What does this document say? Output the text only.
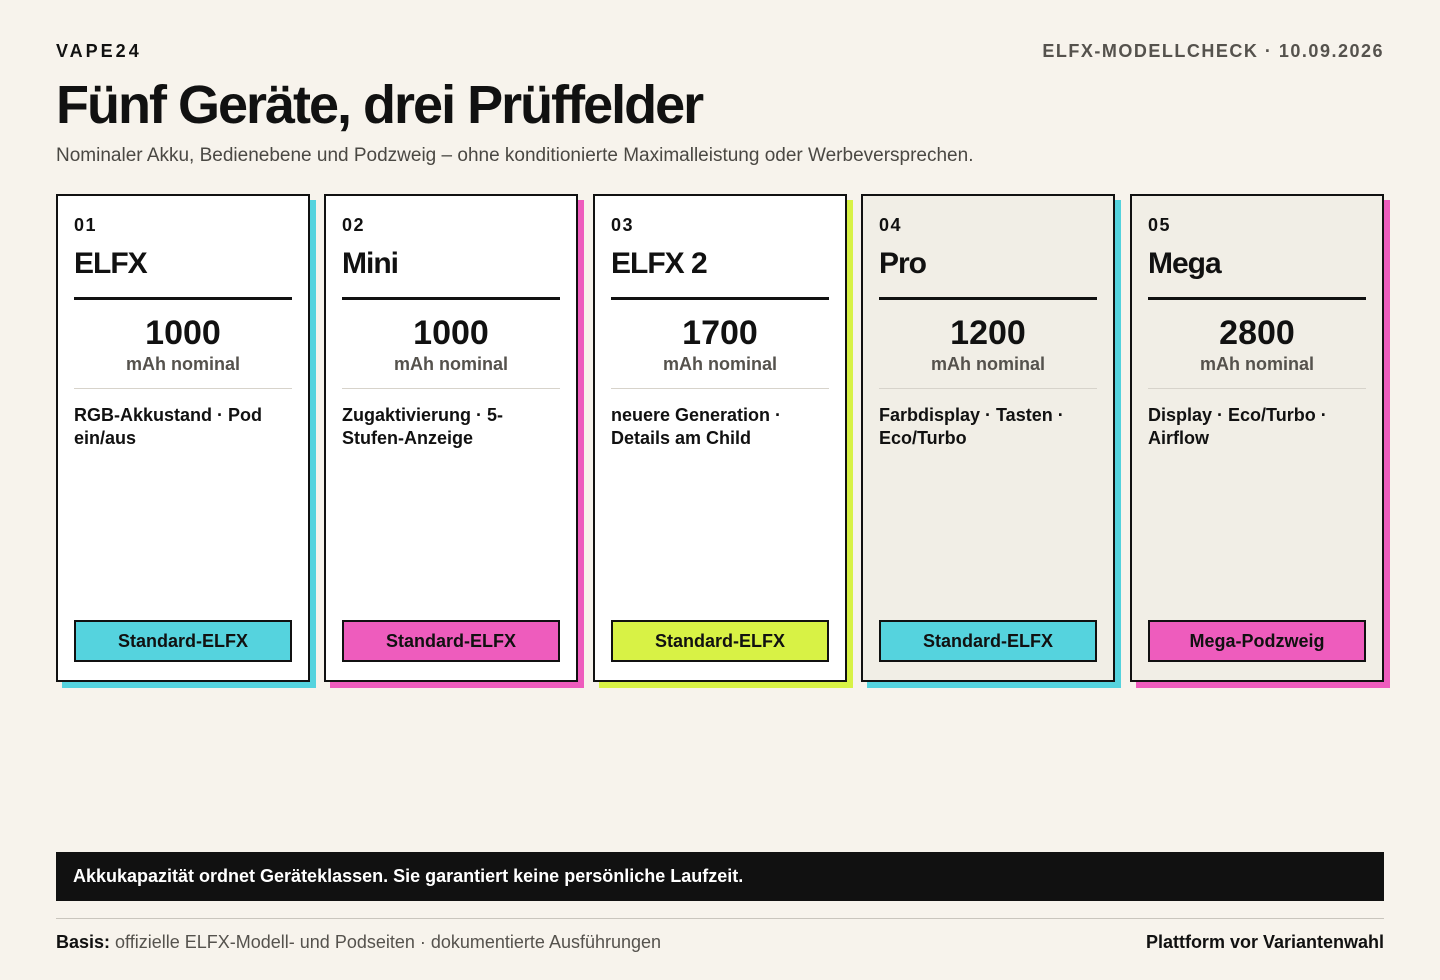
VAPE24	ELFX-MODELLCHECK · 10.09.2026
Fünf Geräte, drei Prüffelder
Nominaler Akku, Bedienebene und Podzweig – ohne konditionierte Maximalleistung oder Werbeversprechen.
01
ELFX
1000
mAh nominal
RGB-Akkustand · Pod ein/aus
Standard-ELFX
02
Mini
1000
mAh nominal
Zugaktivierung · 5-Stufen-Anzeige
Standard-ELFX
03
ELFX 2
1700
mAh nominal
neuere Generation · Details am Child
Standard-ELFX
04
Pro
1200
mAh nominal
Farbdisplay · Tasten · Eco/Turbo
Standard-ELFX
05
Mega
2800
mAh nominal
Display · Eco/Turbo · Airflow
Mega-Podzweig
Akkukapazität ordnet Geräteklassen. Sie garantiert keine persönliche Laufzeit.
Basis: offizielle ELFX-Modell- und Podseiten · dokumentierte Ausführungen	Plattform vor Variantenwahl
